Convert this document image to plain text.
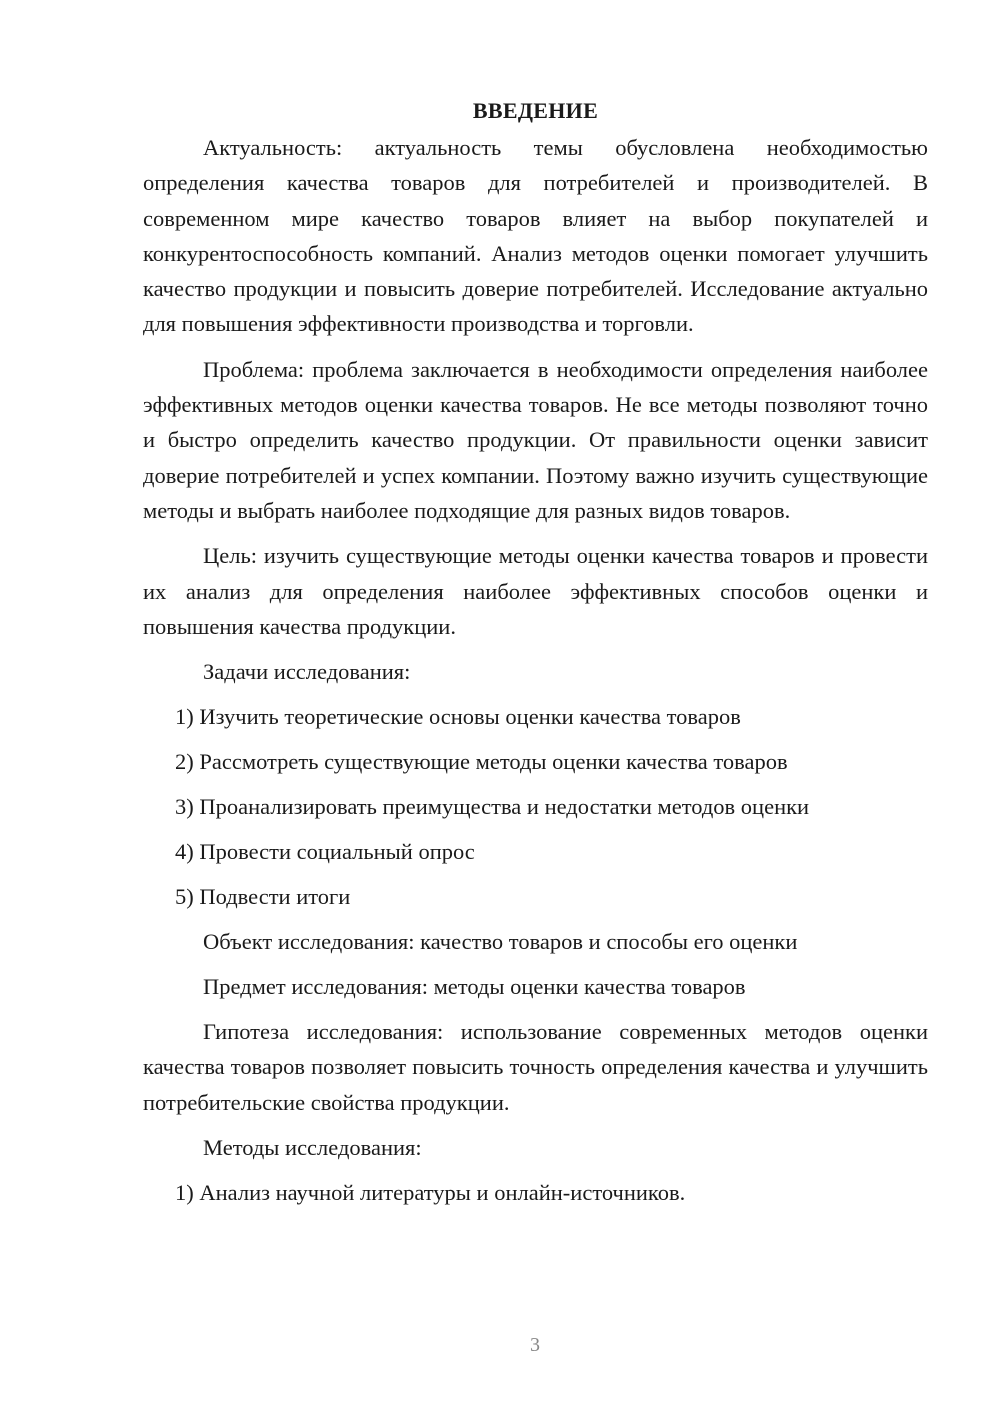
ВВЕДЕНИЕ

Актуальность: актуальность темы обусловлена необходимостью определения качества товаров для потребителей и производителей. В современном мире качество товаров влияет на выбор покупателей и конкурентоспособность компаний. Анализ методов оценки помогает улучшить качество продукции и повысить доверие потребителей. Исследование актуально для повышения эффективности производства и торговли.

Проблема: проблема заключается в необходимости определения наиболее эффективных методов оценки качества товаров. Не все методы позволяют точно и быстро определить качество продукции. От правильности оценки зависит доверие потребителей и успех компании. Поэтому важно изучить существующие методы и выбрать наиболее подходящие для разных видов товаров.

Цель: изучить существующие методы оценки качества товаров и провести их анализ для определения наиболее эффективных способов оценки и повышения качества продукции.

Задачи исследования:
1) Изучить теоретические основы оценки качества товаров
2) Рассмотреть существующие методы оценки качества товаров
3) Проанализировать преимущества и недостатки методов оценки
4) Провести социальный опрос
5) Подвести итоги
Объект исследования: качество товаров и способы его оценки
Предмет исследования: методы оценки качества товаров

Гипотеза исследования: использование современных методов оценки качества товаров позволяет повысить точность определения качества и улучшить потребительские свойства продукции.

Методы исследования:
1) Анализ научной литературы и онлайн-источников.
3
